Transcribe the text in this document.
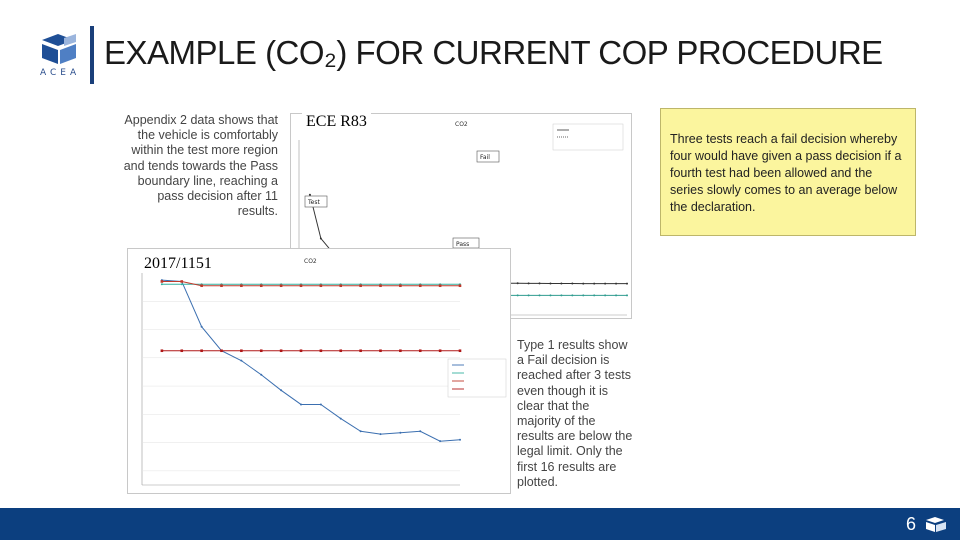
ACEA
EXAMPLE (CO₂) FOR CURRENT COP PROCEDURE
Appendix 2 data shows that the vehicle is comfortably within the test more region and tends towards the Pass boundary line, reaching a pass decision after 11 results.
CO2
Fail
Test
Pass
ECE R83
CO2
2017/1151
Type 1 results show a Fail decision is reached after 3 tests even though it is clear that the majority of the results are below the legal limit. Only the first 16 results are plotted.
Three tests reach a fail decision whereby four would have given a pass decision if a fourth test had been allowed and the series slowly comes to an average below the declaration.
6
